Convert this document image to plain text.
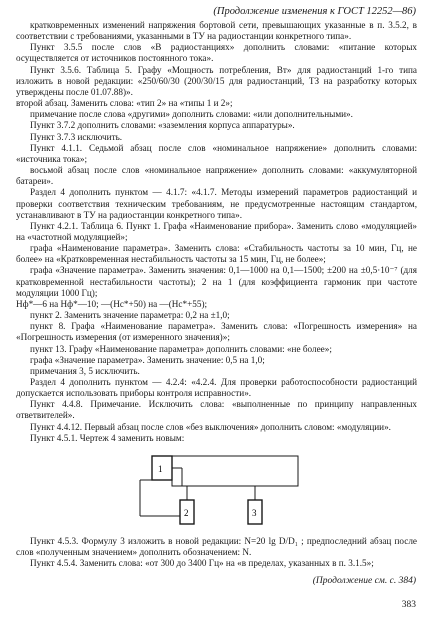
(Продолжение изменения к ГОСТ 12252—86)

кратковременных изменений напряжения бортовой сети, превышающих указанные в п. 3.5.2, в соответствии с требованиями, указанными в ТУ на радиостанции конкретного типа».

Пункт 3.5.5 после слов «В радиостанциях» дополнить словами: «питание которых осуществляется от источников постоянного тока».

Пункт 3.5.6. Таблица 5. Графу «Мощность потребления, Вт» для радиостанций 1-го типа изложить в новой редакции: «250/60/30 (200/30/15 для радиостанций, ТЗ на разработку которых утверждены после 01.07.88)».

второй абзац. Заменить слова: «тип 2» на «типы 1 и 2»;

примечание после слова «другими» дополнить словами: «или дополнительными».

Пункт 3.7.2 дополнить словами: «заземления корпуса аппаратуры».

Пункт 3.7.3 исключить.

Пункт 4.1.1. Седьмой абзац после слов «номинальное напряжение» дополнить словами: «источника тока»;

восьмой абзац после слов «номинальное напряжение» дополнить словами: «аккумуляторной батареи».

Раздел 4 дополнить пунктом — 4.1.7: «4.1.7. Методы измерений параметров радиостанций и проверки соответствия техническим требованиям, не предусмотренные настоящим стандартом, устанавливают в ТУ на радиостанции конкретного типа».

Пункт 4.2.1. Таблица 6. Пункт 1. Графа «Наименование прибора». Заменить слово «модуляцией» на «частотной модуляцией»;

графа «Наименование параметра». Заменить слова: «Стабильность частоты за 10 мин, Гц, не более» на «Кратковременная нестабильность частоты за 15 мин, Гц, не более»;

графа «Значение параметра». Заменить значения: 0,1—1000 на 0,1—1500; ±200 на ±0,5·10⁻⁷ (для кратковременной нестабильности частоты); 2 на 1 (для коэффициента гармоник при частоте модуляции 1000 Гц);

Hф*—6 на Hф*—10; —(Hс*+50) на —(Hс*+55);

пункт 2. Заменить значение параметра: 0,2 на ±1,0;

пункт 8. Графа «Наименование параметра». Заменить слова: «Погрешность измерения» на «Погрешность измерения (от измеренного значения)»;

пункт 13. Графу «Наименование параметра» дополнить словами: «не более»;

графа «Значение параметра». Заменить значение: 0,5 на 1,0;

примечания 3, 5 исключить.

Раздел 4 дополнить пунктом — 4.2.4: «4.2.4. Для проверки работоспособности радиостанций допускается использовать приборы контроля исправности».

Пункт 4.4.8. Примечание. Исключить слова: «выполненные по принципу направленных ответвителей».

Пункт 4.4.12. Первый абзац после слов «без выключения» дополнить словом: «модуляции».

Пункт 4.5.1. Чертеж 4 заменить новым:

1
2	3

Пункт 4.5.3. Формулу 3 изложить в новой редакции: N=20 lg D/D₁ ; предпоследний абзац после слов «полученным значением» дополнить обозначением: N.

Пункт 4.5.4. Заменить слова: «от 300 до 3400 Гц» на «в пределах, указанных в п. 3.1.5»;

(Продолжение см. с. 384)
383
